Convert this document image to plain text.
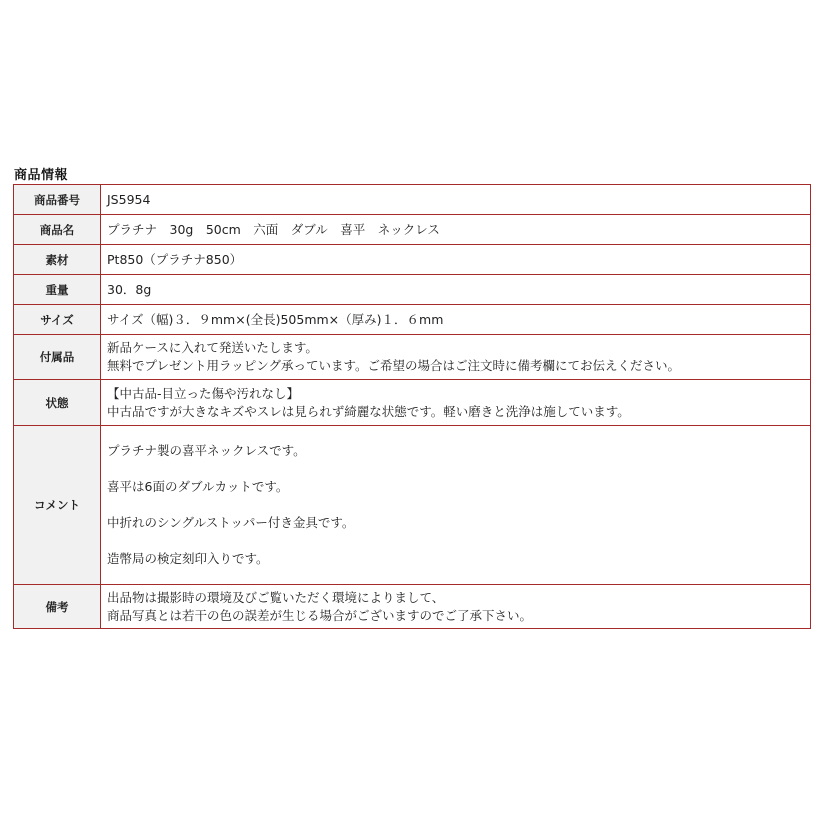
商品情報
商品番号	JS5954

商品名	プラチナ　30g　50cm　六面　ダブル　喜平　ネックレス

素材	Pt850（プラチナ850）

重量	30．8g

サイズ	サイズ（幅)３．９mm×(全長)505mm×（厚み)１．６mm

付属品	新品ケースに入れて発送いたします。
無料でプレゼント用ラッピング承っています。ご希望の場合はご注文時に備考欄にてお伝えください。

状態	【中古品-目立った傷や汚れなし】
中古品ですが大きなキズやスレは見られず綺麗な状態です。軽い磨きと洗浄は施しています。

コメント	プラチナ製の喜平ネックレスです。
喜平は6面のダブルカットです。
中折れのシングルストッパー付き金具です。
造幣局の検定刻印入りです。

備考	出品物は撮影時の環境及びご覧いただく環境によりまして、
商品写真とは若干の色の誤差が生じる場合がございますのでご了承下さい。
